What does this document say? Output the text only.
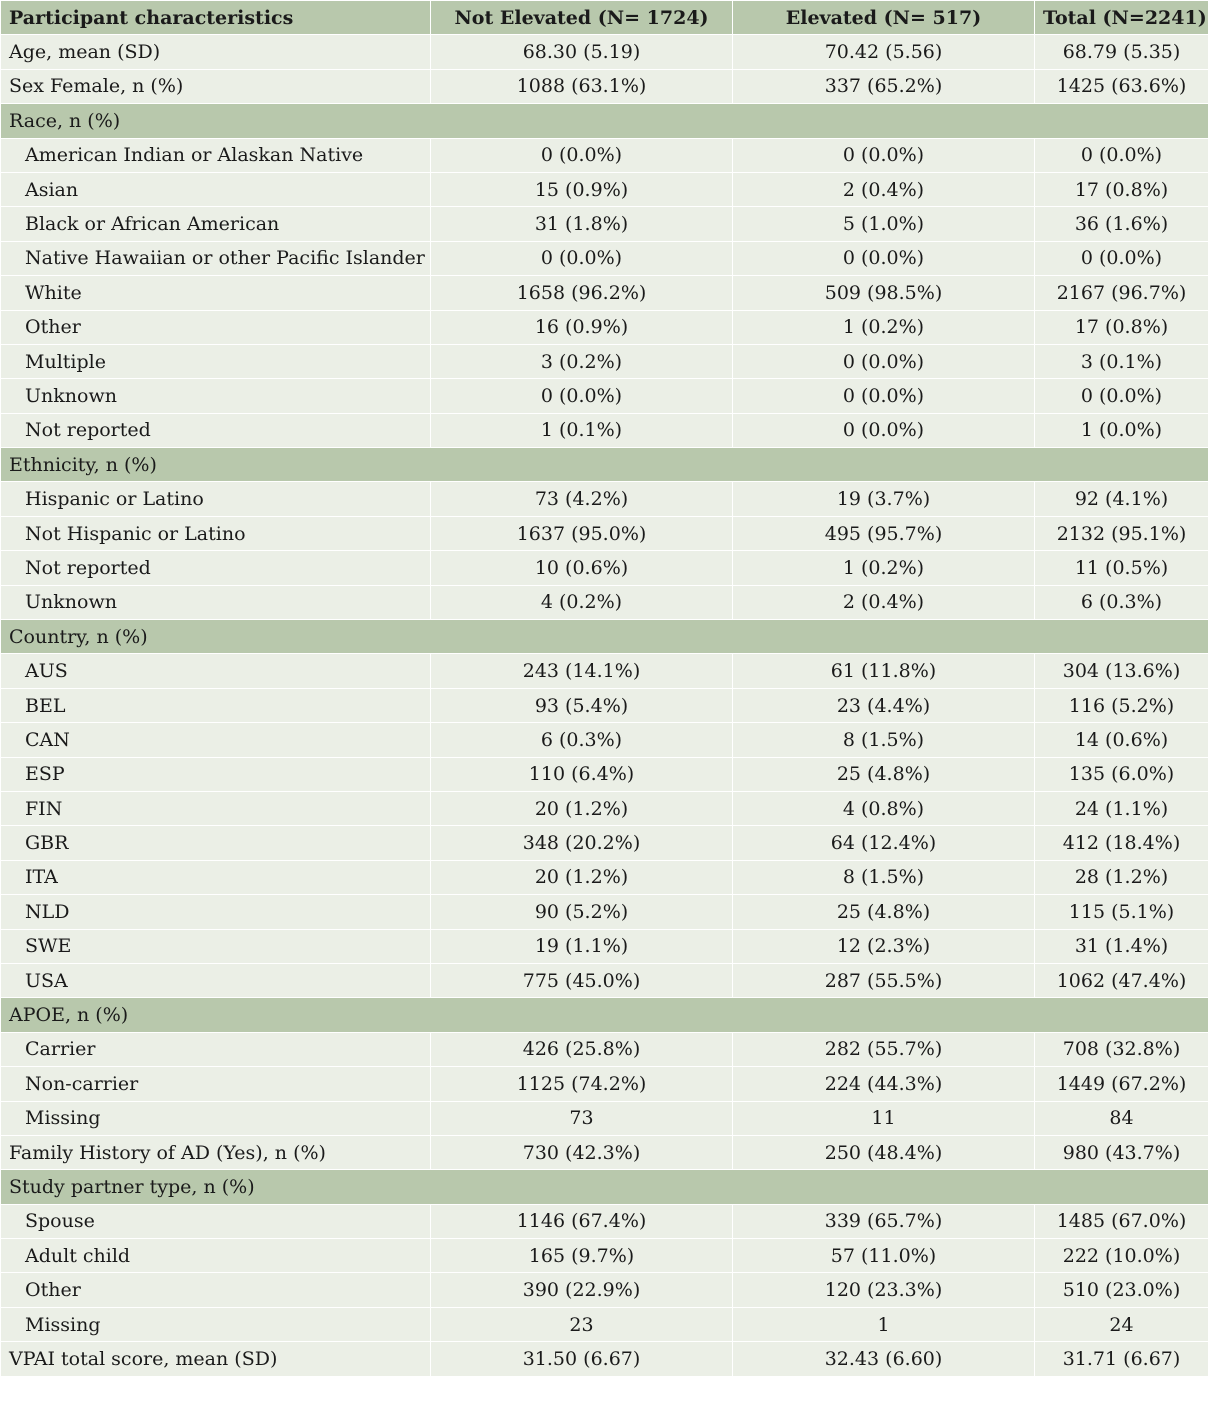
Participant characteristics	Not Elevated (N= 1724)	Elevated (N= 517)	Total (N=2241)
Age, mean (SD)	68.30 (5.19)	70.42 (5.56)	68.79 (5.35)
Sex Female, n (%)	1088 (63.1%)	337 (65.2%)	1425 (63.6%)
Race, n (%)			
American Indian or Alaskan Native	0 (0.0%)	0 (0.0%)	0 (0.0%)
Asian	15 (0.9%)	2 (0.4%)	17 (0.8%)
Black or African American	31 (1.8%)	5 (1.0%)	36 (1.6%)
Native Hawaiian or other Pacific Islander	0 (0.0%)	0 (0.0%)	0 (0.0%)
White	1658 (96.2%)	509 (98.5%)	2167 (96.7%)
Other	16 (0.9%)	1 (0.2%)	17 (0.8%)
Multiple	3 (0.2%)	0 (0.0%)	3 (0.1%)
Unknown	0 (0.0%)	0 (0.0%)	0 (0.0%)
Not reported	1 (0.1%)	0 (0.0%)	1 (0.0%)
Ethnicity, n (%)			
Hispanic or Latino	73 (4.2%)	19 (3.7%)	92 (4.1%)
Not Hispanic or Latino	1637 (95.0%)	495 (95.7%)	2132 (95.1%)
Not reported	10 (0.6%)	1 (0.2%)	11 (0.5%)
Unknown	4 (0.2%)	2 (0.4%)	6 (0.3%)
Country, n (%)			
AUS	243 (14.1%)	61 (11.8%)	304 (13.6%)
BEL	93 (5.4%)	23 (4.4%)	116 (5.2%)
CAN	6 (0.3%)	8 (1.5%)	14 (0.6%)
ESP	110 (6.4%)	25 (4.8%)	135 (6.0%)
FIN	20 (1.2%)	4 (0.8%)	24 (1.1%)
GBR	348 (20.2%)	64 (12.4%)	412 (18.4%)
ITA	20 (1.2%)	8 (1.5%)	28 (1.2%)
NLD	90 (5.2%)	25 (4.8%)	115 (5.1%)
SWE	19 (1.1%)	12 (2.3%)	31 (1.4%)
USA	775 (45.0%)	287 (55.5%)	1062 (47.4%)
APOE, n (%)			
Carrier	426 (25.8%)	282 (55.7%)	708 (32.8%)
Non-carrier	1125 (74.2%)	224 (44.3%)	1449 (67.2%)
Missing	73	11	84
Family History of AD (Yes), n (%)	730 (42.3%)	250 (48.4%)	980 (43.7%)
Study partner type, n (%)			
Spouse	1146 (67.4%)	339 (65.7%)	1485 (67.0%)
Adult child	165 (9.7%)	57 (11.0%)	222 (10.0%)
Other	390 (22.9%)	120 (23.3%)	510 (23.0%)
Missing	23	1	24
VPAI total score, mean (SD)	31.50 (6.67)	32.43 (6.60)	31.71 (6.67)
